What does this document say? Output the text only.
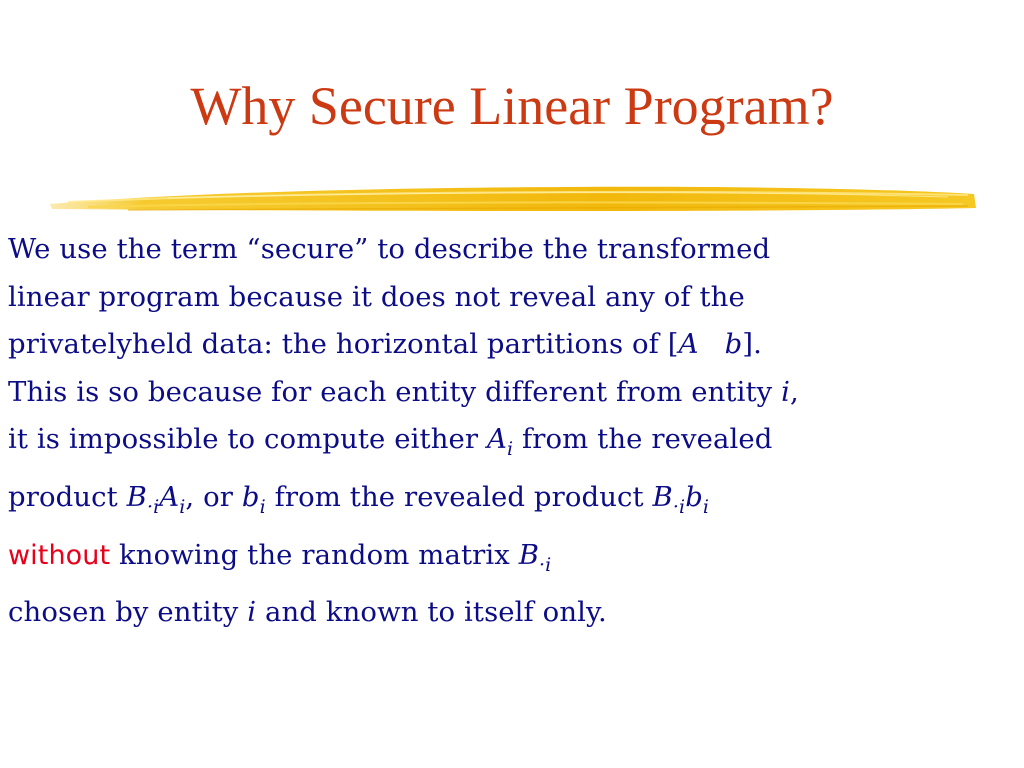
Why Secure Linear Program?
We use the term “secure” to describe the transformed
linear program because it does not reveal any of the
privatelyheld data: the horizontal partitions of [A b].
This is so because for each entity different from entity i,
it is impossible to compute either $A_i$ from the revealed
product $B_{\cdot i}A_i$, or $b_i$ from the revealed product $B_{\cdot i}b_i$
without knowing the random matrix $B_{\cdot i}$
chosen by entity i and known to itself only.
